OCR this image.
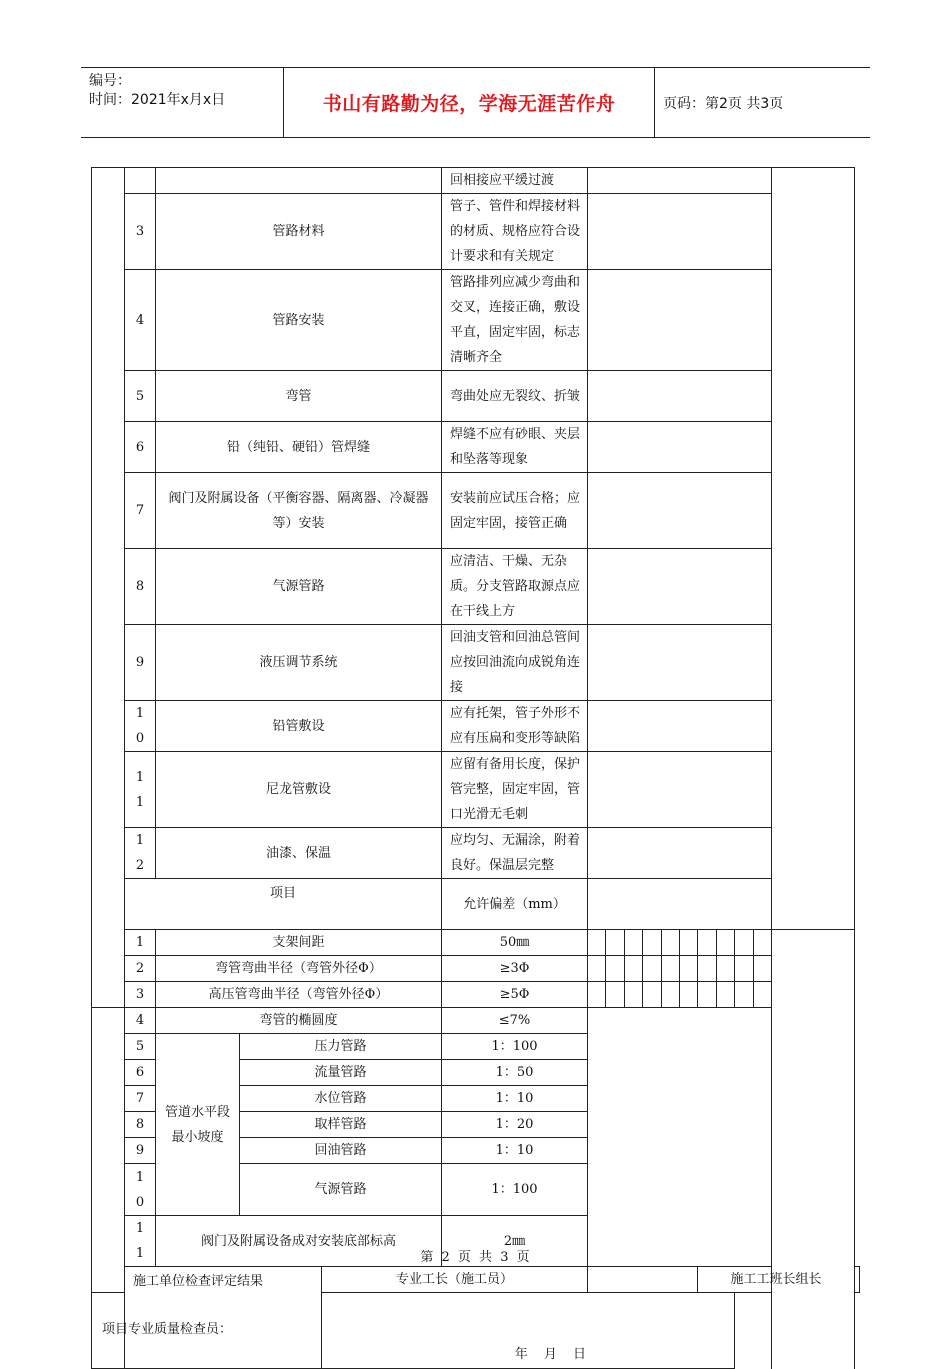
编号：
时间：2021年x月x日	书山有路勤为径，学海无涯苦作舟	页码：第2页 共3页
					回相接应平缓过渡												
	3	管路材料			管子、管件和焊接材料的材质、规格应符合设计要求和有关规定												
	4	管路安装			管路排列应减少弯曲和交叉，连接正确，敷设平直，固定牢固，标志清晰齐全												
	5	弯管			弯曲处应无裂纹、折皱												
	6	铅（纯铅、硬铅）管焊缝			焊缝不应有砂眼、夹层和坠落等现象												
	7	阀门及附属设备（平衡容器、隔离器、冷凝器等）安装			安装前应试压合格；应固定牢固，接管正确												
	8	气源管路			应清洁、干燥、无杂质。分支管路取源点应在干线上方												
	9	液压调节系统			回油支管和回油总管间应按回油流向成锐角连接												
	10	铅管敷设			应有托架，管子外形不应有压扁和变形等缺陷												
	11	尼龙管敷设			应留有备用长度，保护管完整，固定牢固，管口光滑无毛刺												
	12	油漆、保温			应均匀、无漏涂，附着良好。保温层完整												
	项目				允许偏差（mm）												
	1	支架间距			50㎜												
	2	弯管弯曲半径（弯管外径Φ）			≥3Φ												
	3	高压管弯曲半径（弯管外径Φ）			≥5Φ												
	4	弯管的椭圆度			≤7%												
	5	管道水平段最小坡度	压力管路		1：100												
	6		流量管路		1：50												
	7		水位管路		1：10												
	8		取样管路		1：20												
	9		回油管路		1：10												
	10		气源管路		1：100												
	11	阀门及附属设备成对安装底部标高			2㎜												
	施工单位检查评定结果			专业工长（施工员）								施工工班长组长					

项目专业质量检查员：
年 月 日																	
第 2 页 共 3 页
